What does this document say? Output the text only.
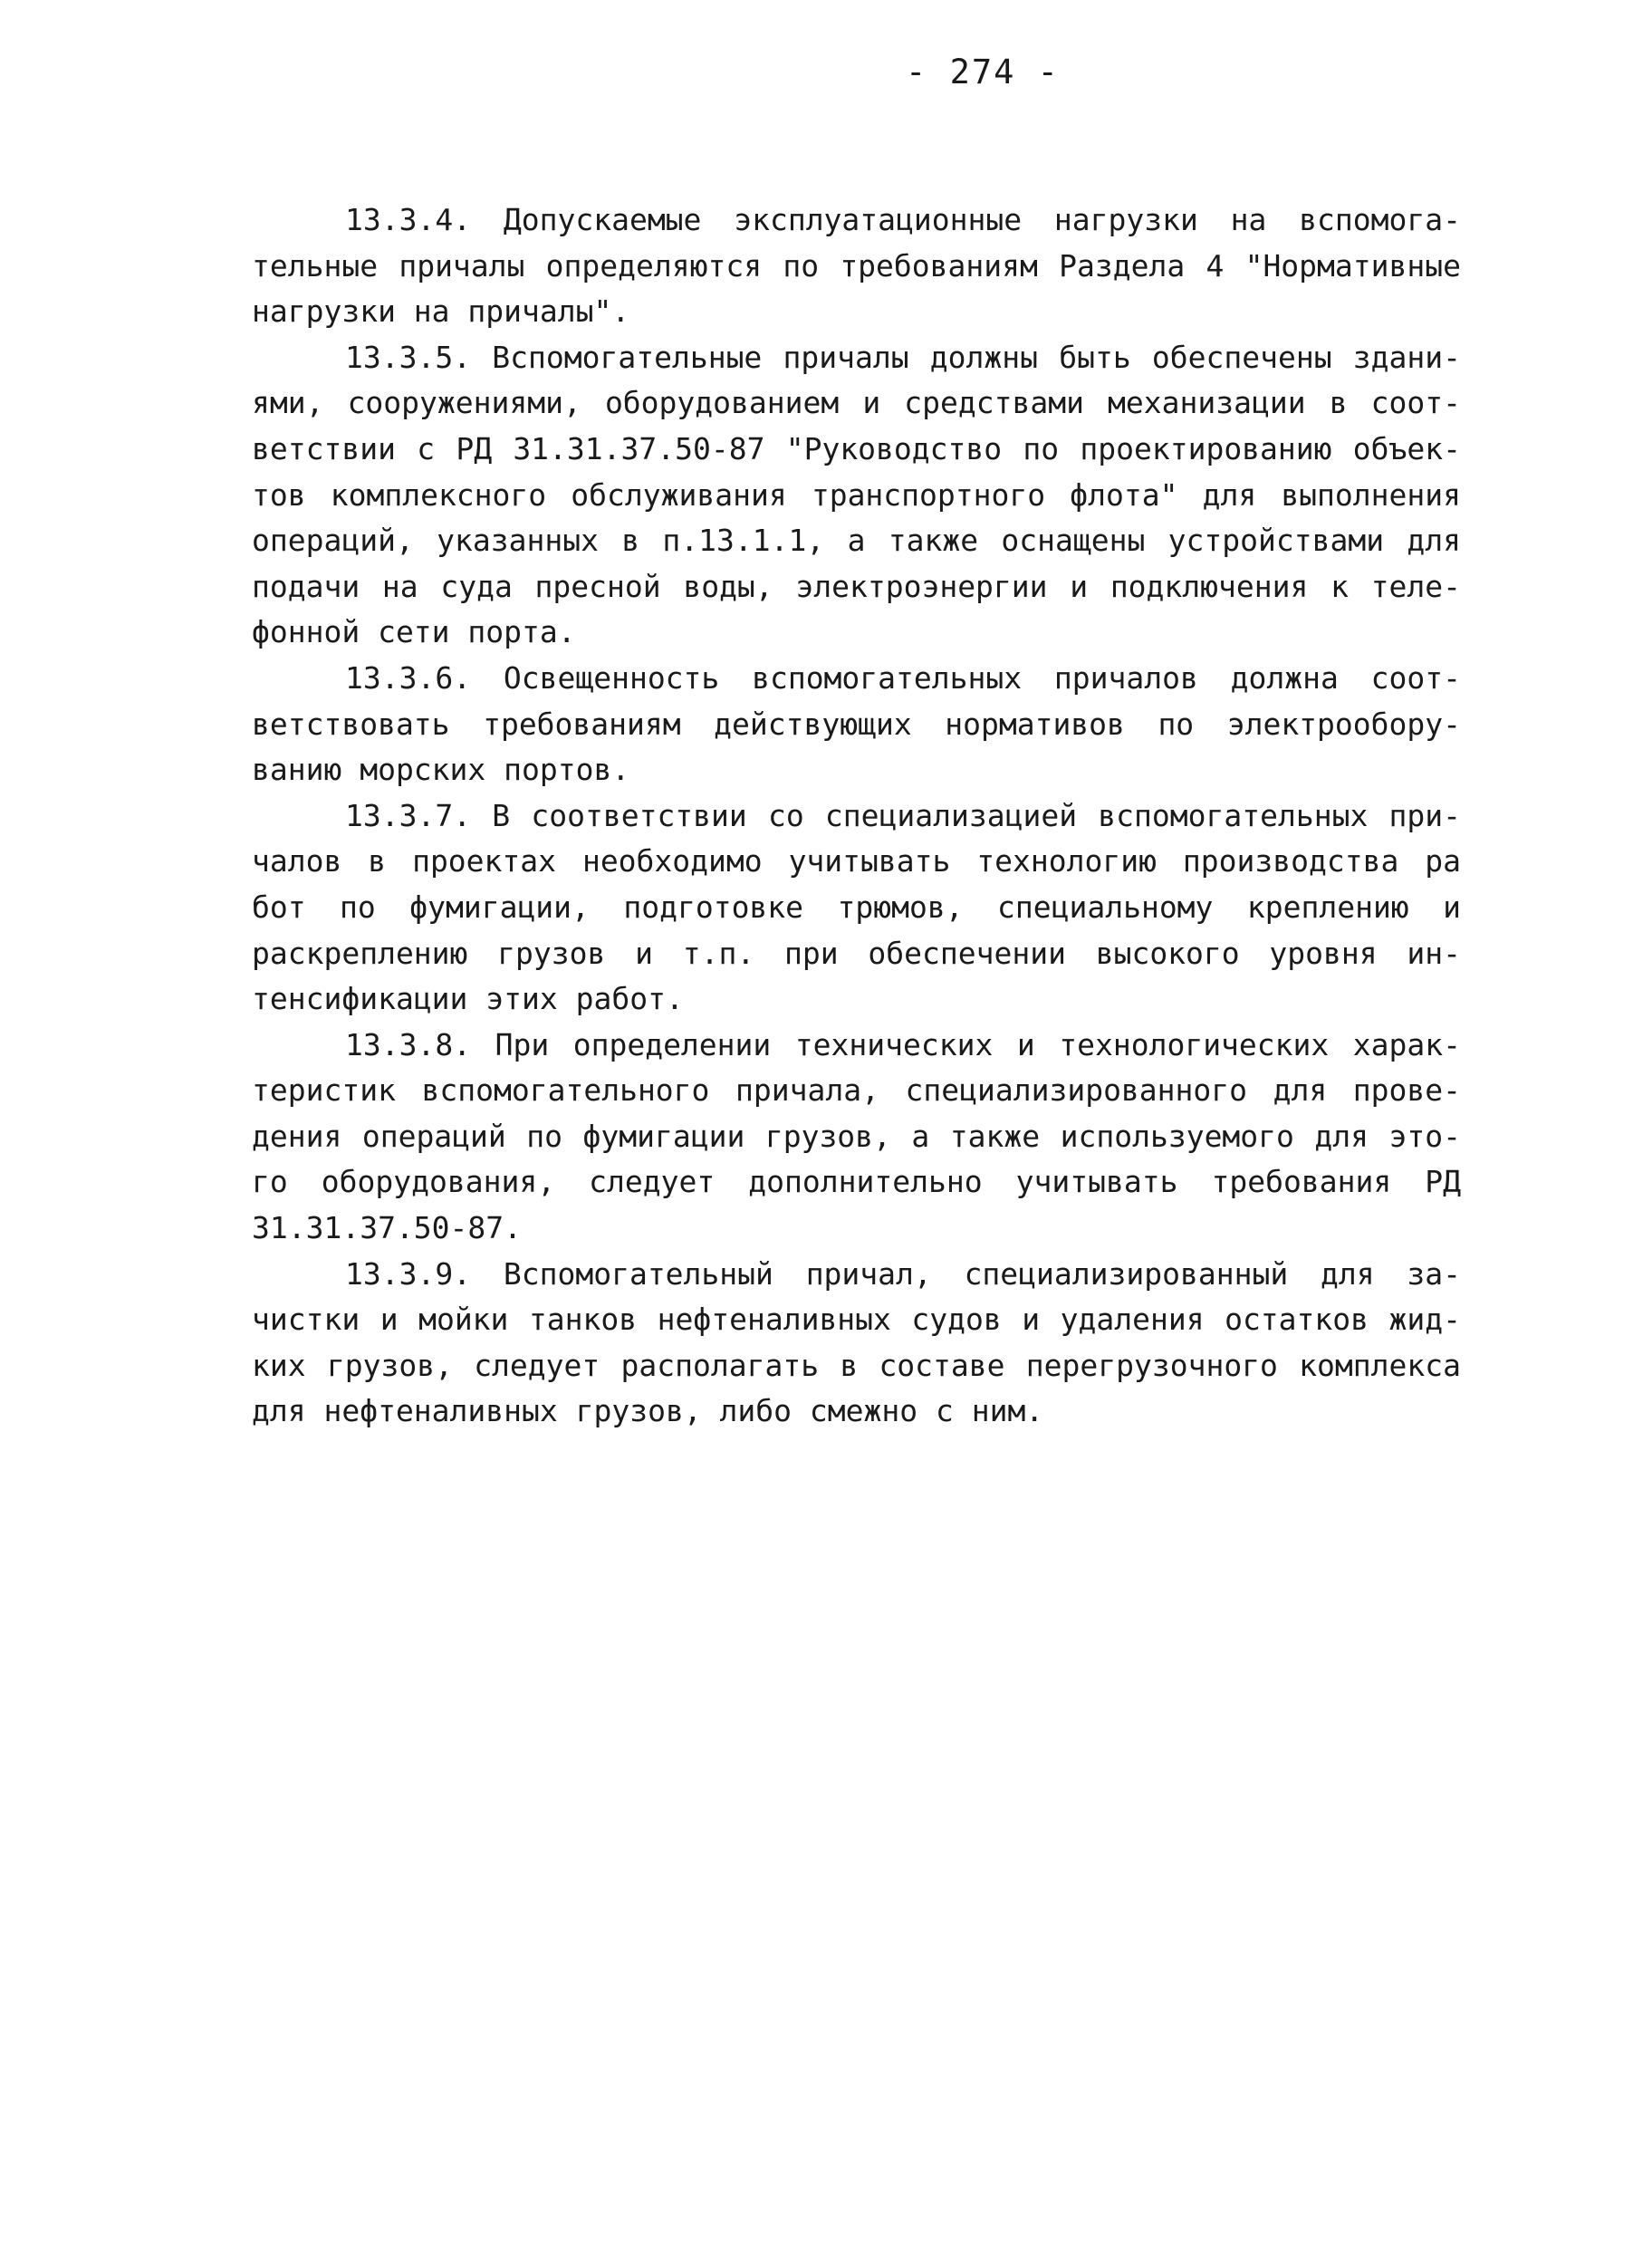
- 274 -
13.3.4. Допускаемые эксплуатационные нагрузки на вспомога-
тельные причалы определяются по требованиям Раздела 4 "Нормативные
нагрузки на причалы".
13.3.5. Вспомогательные причалы должны быть обеспечены здани-
ями, сооружениями, оборудованием и средствами механизации в соот-
ветствии с РД 31.31.37.50-87 "Руководство по проектированию объек-
тов комплексного обслуживания транспортного флота" для выполнения
операций, указанных в п.13.1.1, а также оснащены устройствами для
подачи на суда пресной воды, электроэнергии и подключения к теле-
фонной сети порта.
13.3.6. Освещенность вспомогательных причалов должна соот-
ветствовать требованиям действующих нормативов по электрообору-
ванию морских портов.
13.3.7. В соответствии со специализацией вспомогательных при-
чалов в проектах необходимо учитывать технологию производства ра
бот по фумигации, подготовке трюмов, специальному креплению и
раскреплению грузов и т.п. при обеспечении высокого уровня ин-
тенсификации этих работ.
13.3.8. При определении технических и технологических харак-
теристик вспомогательного причала, специализированного для прове-
дения операций по фумигации грузов, а также используемого для это-
го оборудования, следует дополнительно учитывать требования РД
31.31.37.50-87.
13.3.9. Вспомогательный причал, специализированный для за-
чистки и мойки танков нефтеналивных судов и удаления остатков жид-
ких грузов, следует располагать в составе перегрузочного комплекса
для нефтеналивных грузов, либо смежно с ним.
